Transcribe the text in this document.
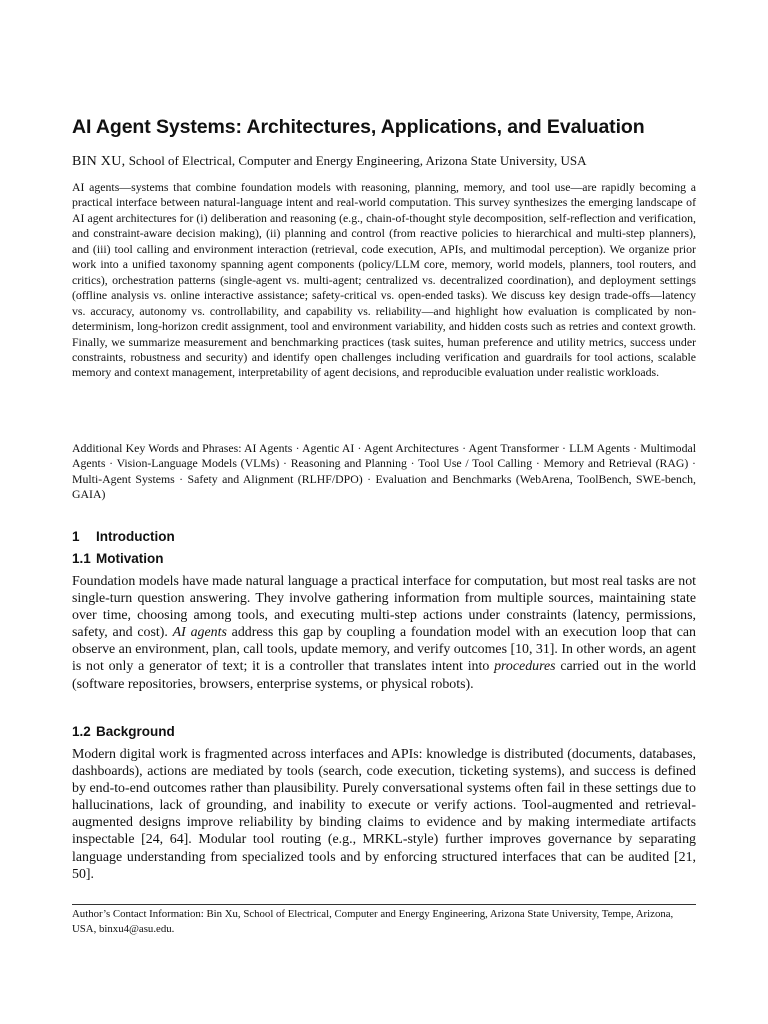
AI Agent Systems: Architectures, Applications, and Evaluation
BIN XU, School of Electrical, Computer and Energy Engineering, Arizona State University, USA

AI agents—systems that combine foundation models with reasoning, planning, memory, and tool use—are rapidly becoming a practical interface between natural-language intent and real-world computation. This survey synthesizes the emerging landscape of AI agent architectures for (i) deliberation and reasoning (e.g., chain-of-thought style decomposition, self-reflection and verification, and constraint-aware decision making), (ii) planning and control (from reactive policies to hierarchical and multi-step planners), and (iii) tool calling and environment interaction (retrieval, code execution, APIs, and multimodal perception). We organize prior work into a unified taxonomy spanning agent components (policy/LLM core, memory, world models, planners, tool routers, and critics), orchestration patterns (single-agent vs. multi-agent; centralized vs. decentralized coordination), and deployment settings (offline analysis vs. online interactive assistance; safety-critical vs. open-ended tasks). We discuss key design trade-offs—latency vs. accuracy, autonomy vs. controllability, and capability vs. reliability—and highlight how evaluation is complicated by non-determinism, long-horizon credit assignment, tool and environment variability, and hidden costs such as retries and context growth. Finally, we summarize measurement and benchmarking practices (task suites, human preference and utility metrics, success under constraints, robustness and security) and identify open challenges including verification and guardrails for tool actions, scalable memory and context management, interpretability of agent decisions, and reproducible evaluation under realistic workloads.

Additional Key Words and Phrases: AI Agents · Agentic AI · Agent Architectures · Agent Transformer · LLM Agents · Multimodal Agents · Vision-Language Models (VLMs) · Reasoning and Planning · Tool Use / Tool Calling · Memory and Retrieval (RAG) · Multi-Agent Systems · Safety and Alignment (RLHF/DPO) · Evaluation and Benchmarks (WebArena, ToolBench, SWE-bench, GAIA)

1 Introduction
1.1 Motivation

Foundation models have made natural language a practical interface for computation, but most real tasks are not single-turn question answering. They involve gathering information from multiple sources, maintaining state over time, choosing among tools, and executing multi-step actions under constraints (latency, permissions, safety, and cost). AI agents address this gap by coupling a foundation model with an execution loop that can observe an environment, plan, call tools, update memory, and verify outcomes [10, 31]. In other words, an agent is not only a generator of text; it is a controller that translates intent into procedures carried out in the world (software repositories, browsers, enterprise systems, or physical robots).

1.2 Background

Modern digital work is fragmented across interfaces and APIs: knowledge is distributed (documents, databases, dashboards), actions are mediated by tools (search, code execution, ticketing systems), and success is defined by end-to-end outcomes rather than plausibility. Purely conversational systems often fail in these settings due to hallucinations, lack of grounding, and inability to execute or verify actions. Tool-augmented and retrieval-augmented designs improve reliability by binding claims to evidence and by making intermediate artifacts inspectable [24, 64]. Modular tool routing (e.g., MRKL-style) further improves governance by separating language understanding from specialized tools and by enforcing structured interfaces that can be audited [21, 50].

Author’s Contact Information: Bin Xu, School of Electrical, Computer and Energy Engineering, Arizona State University, Tempe, Arizona, USA, binxu4@asu.edu.
